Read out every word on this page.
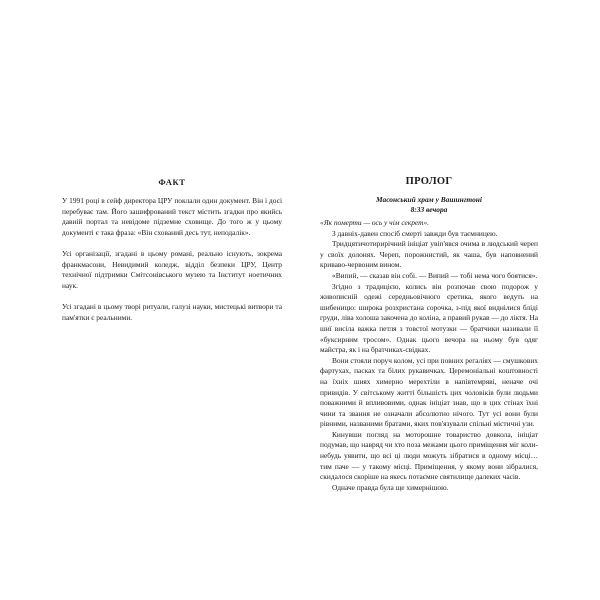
ФАКТ

У 1991 році в сейф директора ЦРУ поклали один документ. Він і досі перебуває там. Його зашифрований текст містить згадки про якийсь давній портал та невідоме підземне сховище. До того ж у цьому документі є така фраза: «Він схований десь тут, неподалік».

Усі організації, згадані в цьому романі, реально існують, зокрема франкмасони, Невидимий коледж, відділ безпеки ЦРУ, Центр технічної підтримки Смітсонівського музею та Інститут ноетичних наук.

Усі згадані в цьому творі ритуали, галузі науки, мистецькі витвори та пам'ятки є реальними.

ПРОЛОГ
Масонський храм у Вашингтоні
8:33 вечора

«Як померти — ось у чім секрет».

З давніх-давен спосіб смерті завжди був таємницею.

Тридцятичотирирічний ініціат увіп'явся очима в людський череп у своїх долонях. Череп, порожнистий, як чаша, був наповнений криваво-червоним вином.

«Випий, — сказав він собі. — Випий — тобі нема чого боятися».

Згідно з традицією, колись він розпочав свою подорож у живописній одежі середньовічного єретика, якого ведуть на шибеницю: широка розхристана сорочка, з-під якої виднілися бліді груди, ліва холоша закочена до коліна, а правий рукав — до ліктя. На шиї висіла важка петля з товстої мотузки — братчики називали її «буксирним тросом». Однак цього вечора на ньому був одяг майстра, як і на братчиках-свідках.

Вони стояли поруч колом, усі при повних регаліях — смушкових фартухах, пасках та білих рукавичках. Церемоніальні коштовності на їхніх шиях химерно мерехтіли в напівтемряві, неначе очі привидів. У світському житті більшість цих чоловіків були людьми поважними й впливовими, однак ініціат знав, що в цих стінах їхні чини та звання не означали абсолютно нічого. Тут усі вони були рівними, названими братами, яких пов'язували спільні містичні узи.

Кинувши погляд на моторошне товариство довкола, ініціат подумав, що навряд чи хто поза межами цього приміщення міг коли-небудь уявити, що всі ці люди можуть зібратися в одному місці… тим паче — у такому місці. Приміщення, у якому вони зібралися, скидалося скоріше на якесь потаємне святилище далеких часів.

Одначе правда була ще химернішою.
